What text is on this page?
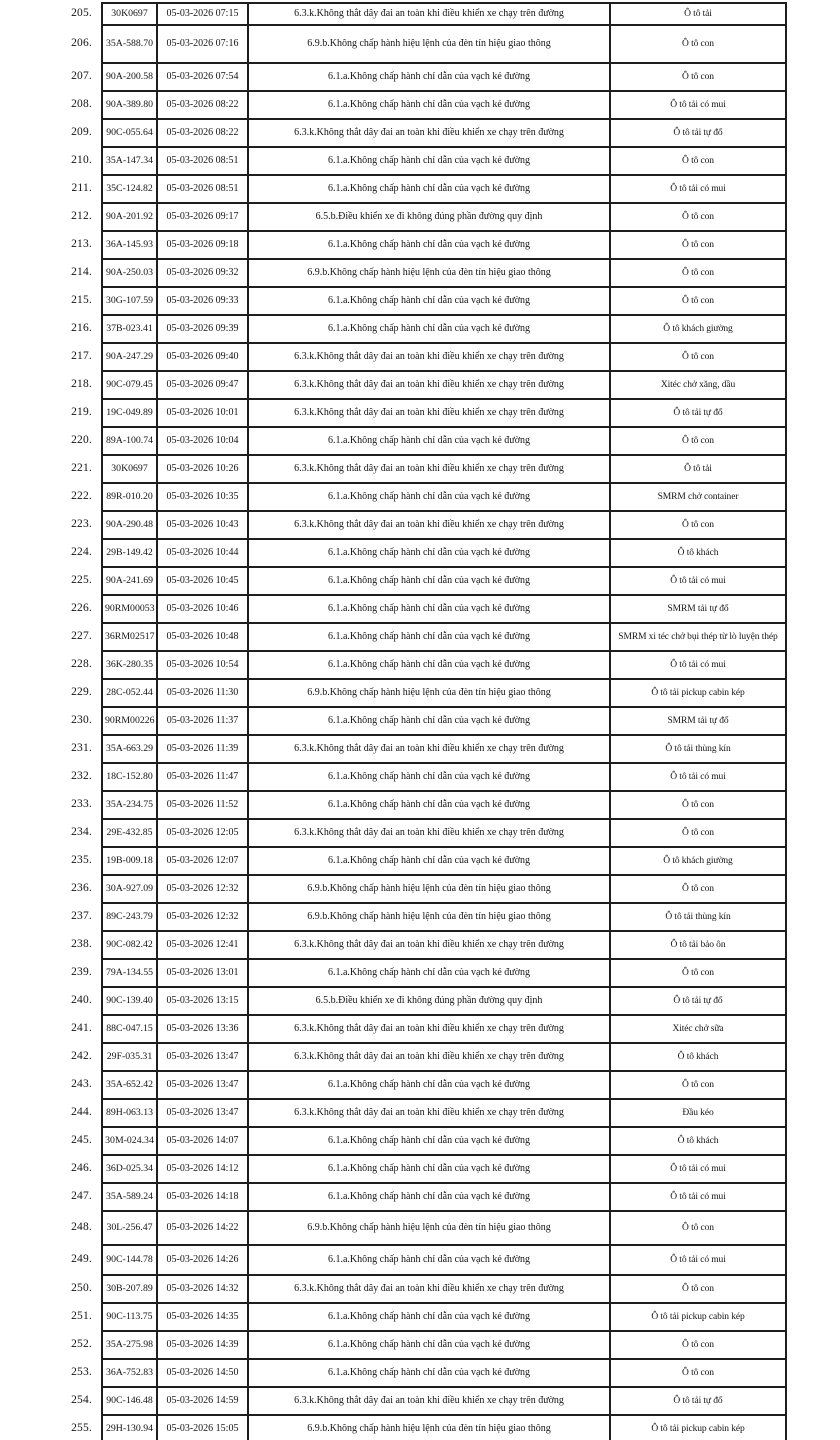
205.	30K0697	05-03-2026 07:15	6.3.k.Không thắt dây đai an toàn khi điều khiển xe chạy trên đường	Ô tô tải
206.	35A-588.70	05-03-2026 07:16	6.9.b.Không chấp hành hiệu lệnh của đèn tín hiệu giao thông	Ô tô con
207.	90A-200.58	05-03-2026 07:54	6.1.a.Không chấp hành chỉ dẫn của vạch kẻ đường	Ô tô con
208.	90A-389.80	05-03-2026 08:22	6.1.a.Không chấp hành chỉ dẫn của vạch kẻ đường	Ô tô tải có mui
209.	90C-055.64	05-03-2026 08:22	6.3.k.Không thắt dây đai an toàn khi điều khiển xe chạy trên đường	Ô tô tải tự đổ
210.	35A-147.34	05-03-2026 08:51	6.1.a.Không chấp hành chỉ dẫn của vạch kẻ đường	Ô tô con
211.	35C-124.82	05-03-2026 08:51	6.1.a.Không chấp hành chỉ dẫn của vạch kẻ đường	Ô tô tải có mui
212.	90A-201.92	05-03-2026 09:17	6.5.b.Điều khiển xe đi không đúng phần đường quy định	Ô tô con
213.	36A-145.93	05-03-2026 09:18	6.1.a.Không chấp hành chỉ dẫn của vạch kẻ đường	Ô tô con
214.	90A-250.03	05-03-2026 09:32	6.9.b.Không chấp hành hiệu lệnh của đèn tín hiệu giao thông	Ô tô con
215.	30G-107.59	05-03-2026 09:33	6.1.a.Không chấp hành chỉ dẫn của vạch kẻ đường	Ô tô con
216.	37B-023.41	05-03-2026 09:39	6.1.a.Không chấp hành chỉ dẫn của vạch kẻ đường	Ô tô khách giường
217.	90A-247.29	05-03-2026 09:40	6.3.k.Không thắt dây đai an toàn khi điều khiển xe chạy trên đường	Ô tô con
218.	90C-079.45	05-03-2026 09:47	6.3.k.Không thắt dây đai an toàn khi điều khiển xe chạy trên đường	Xitéc chở xăng, dầu
219.	19C-049.89	05-03-2026 10:01	6.3.k.Không thắt dây đai an toàn khi điều khiển xe chạy trên đường	Ô tô tải tự đổ
220.	89A-100.74	05-03-2026 10:04	6.1.a.Không chấp hành chỉ dẫn của vạch kẻ đường	Ô tô con
221.	30K0697	05-03-2026 10:26	6.3.k.Không thắt dây đai an toàn khi điều khiển xe chạy trên đường	Ô tô tải
222.	89R-010.20	05-03-2026 10:35	6.1.a.Không chấp hành chỉ dẫn của vạch kẻ đường	SMRM chở container
223.	90A-290.48	05-03-2026 10:43	6.3.k.Không thắt dây đai an toàn khi điều khiển xe chạy trên đường	Ô tô con
224.	29B-149.42	05-03-2026 10:44	6.1.a.Không chấp hành chỉ dẫn của vạch kẻ đường	Ô tô khách
225.	90A-241.69	05-03-2026 10:45	6.1.a.Không chấp hành chỉ dẫn của vạch kẻ đường	Ô tô tải có mui
226.	90RM00053	05-03-2026 10:46	6.1.a.Không chấp hành chỉ dẫn của vạch kẻ đường	SMRM tải tự đổ
227.	36RM02517	05-03-2026 10:48	6.1.a.Không chấp hành chỉ dẫn của vạch kẻ đường	SMRM xi téc chở bụi thép từ lò luyện thép
228.	36K-280.35	05-03-2026 10:54	6.1.a.Không chấp hành chỉ dẫn của vạch kẻ đường	Ô tô tải có mui
229.	28C-052.44	05-03-2026 11:30	6.9.b.Không chấp hành hiệu lệnh của đèn tín hiệu giao thông	Ô tô tải pickup cabin kép
230.	90RM00226	05-03-2026 11:37	6.1.a.Không chấp hành chỉ dẫn của vạch kẻ đường	SMRM tải tự đổ
231.	35A-663.29	05-03-2026 11:39	6.3.k.Không thắt dây đai an toàn khi điều khiển xe chạy trên đường	Ô tô tải thùng kín
232.	18C-152.80	05-03-2026 11:47	6.1.a.Không chấp hành chỉ dẫn của vạch kẻ đường	Ô tô tải có mui
233.	35A-234.75	05-03-2026 11:52	6.1.a.Không chấp hành chỉ dẫn của vạch kẻ đường	Ô tô con
234.	29E-432.85	05-03-2026 12:05	6.3.k.Không thắt dây đai an toàn khi điều khiển xe chạy trên đường	Ô tô con
235.	19B-009.18	05-03-2026 12:07	6.1.a.Không chấp hành chỉ dẫn của vạch kẻ đường	Ô tô khách giường
236.	30A-927.09	05-03-2026 12:32	6.9.b.Không chấp hành hiệu lệnh của đèn tín hiệu giao thông	Ô tô con
237.	89C-243.79	05-03-2026 12:32	6.9.b.Không chấp hành hiệu lệnh của đèn tín hiệu giao thông	Ô tô tải thùng kín
238.	90C-082.42	05-03-2026 12:41	6.3.k.Không thắt dây đai an toàn khi điều khiển xe chạy trên đường	Ô tô tải bảo ôn
239.	79A-134.55	05-03-2026 13:01	6.1.a.Không chấp hành chỉ dẫn của vạch kẻ đường	Ô tô con
240.	90C-139.40	05-03-2026 13:15	6.5.b.Điều khiển xe đi không đúng phần đường quy định	Ô tô tải tự đổ
241.	88C-047.15	05-03-2026 13:36	6.3.k.Không thắt dây đai an toàn khi điều khiển xe chạy trên đường	Xitéc chở sữa
242.	29F-035.31	05-03-2026 13:47	6.3.k.Không thắt dây đai an toàn khi điều khiển xe chạy trên đường	Ô tô khách
243.	35A-652.42	05-03-2026 13:47	6.1.a.Không chấp hành chỉ dẫn của vạch kẻ đường	Ô tô con
244.	89H-063.13	05-03-2026 13:47	6.3.k.Không thắt dây đai an toàn khi điều khiển xe chạy trên đường	Đầu kéo
245.	30M-024.34	05-03-2026 14:07	6.1.a.Không chấp hành chỉ dẫn của vạch kẻ đường	Ô tô khách
246.	36D-025.34	05-03-2026 14:12	6.1.a.Không chấp hành chỉ dẫn của vạch kẻ đường	Ô tô tải có mui
247.	35A-589.24	05-03-2026 14:18	6.1.a.Không chấp hành chỉ dẫn của vạch kẻ đường	Ô tô tải có mui
248.	30L-256.47	05-03-2026 14:22	6.9.b.Không chấp hành hiệu lệnh của đèn tín hiệu giao thông	Ô tô con
249.	90C-144.78	05-03-2026 14:26	6.1.a.Không chấp hành chỉ dẫn của vạch kẻ đường	Ô tô tải có mui
250.	30B-207.89	05-03-2026 14:32	6.3.k.Không thắt dây đai an toàn khi điều khiển xe chạy trên đường	Ô tô con
251.	90C-113.75	05-03-2026 14:35	6.1.a.Không chấp hành chỉ dẫn của vạch kẻ đường	Ô tô tải pickup cabin kép
252.	35A-275.98	05-03-2026 14:39	6.1.a.Không chấp hành chỉ dẫn của vạch kẻ đường	Ô tô con
253.	36A-752.83	05-03-2026 14:50	6.1.a.Không chấp hành chỉ dẫn của vạch kẻ đường	Ô tô con
254.	90C-146.48	05-03-2026 14:59	6.3.k.Không thắt dây đai an toàn khi điều khiển xe chạy trên đường	Ô tô tải tự đổ
255.	29H-130.94	05-03-2026 15:05	6.9.b.Không chấp hành hiệu lệnh của đèn tín hiệu giao thông	Ô tô tải pickup cabin kép
